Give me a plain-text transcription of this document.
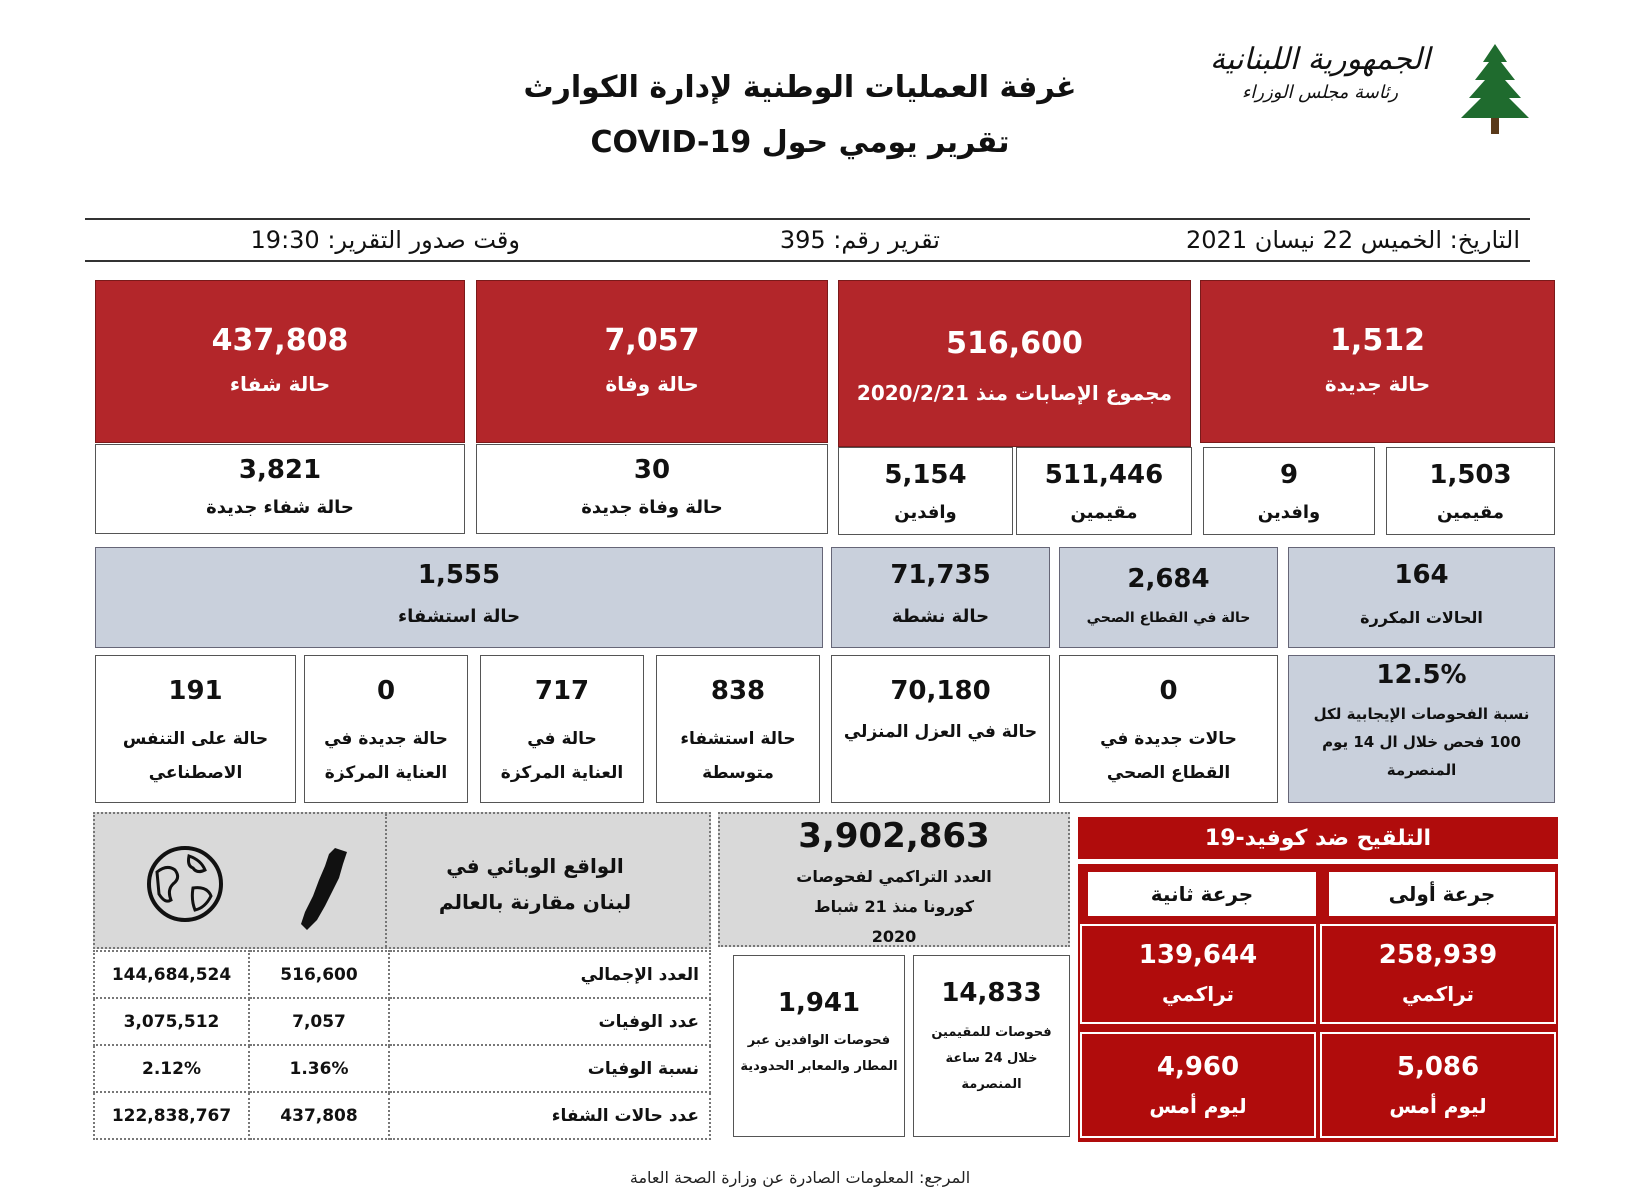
الجمهورية اللبنانية
رئاسة مجلس الوزراء
غرفة العمليات الوطنية لإدارة الكوارث
تقرير يومي حول COVID-19
التاريخ: الخميس 22 نيسان 2021
تقرير رقم: 395
وقت صدور التقرير: 19:30
1,512
حالة جديدة
516,600
مجموع الإصابات منذ 2020/2/21
7,057
حالة وفاة
437,808
حالة شفاء
1,503
مقيمين
9
وافدين
511,446
مقيمين
5,154
وافدين
30
حالة وفاة جديدة
3,821
حالة شفاء جديدة
164
الحالات المكررة
2,684
حالة في القطاع الصحي
71,735
حالة نشطة
1,555
حالة استشفاء
12.5%
نسبة الفحوصات الإيجابية لكل 100 فحص خلال ال 14 يوم المنصرمة
0
حالات جديدة في القطاع الصحي
70,180
حالة في العزل المنزلي
838
حالة استشفاء متوسطة
717
حالة في العناية المركزة
0
حالة جديدة في العناية المركزة
191
حالة على التنفس الاصطناعي
الواقع الوبائي في لبنان مقارنة بالعالم
144,684,524	516,600	العدد الإجمالي
3,075,512	7,057	عدد الوفيات
2.12%	1.36%	نسبة الوفيات
122,838,767	437,808	عدد حالات الشفاء
3,902,863
العدد التراكمي لفحوصات كورونا منذ 21 شباط 2020
14,833
فحوصات للمقيمين خلال 24 ساعة المنصرمة
1,941
فحوصات الوافدين عبر المطار والمعابر الحدودية
التلقيح ضد كوفيد-19
جرعة ثانية	جرعة أولى
139,644
تراكمي
258,939
تراكمي
4,960
ليوم أمس
5,086
ليوم أمس
المرجع: المعلومات الصادرة عن وزارة الصحة العامة
